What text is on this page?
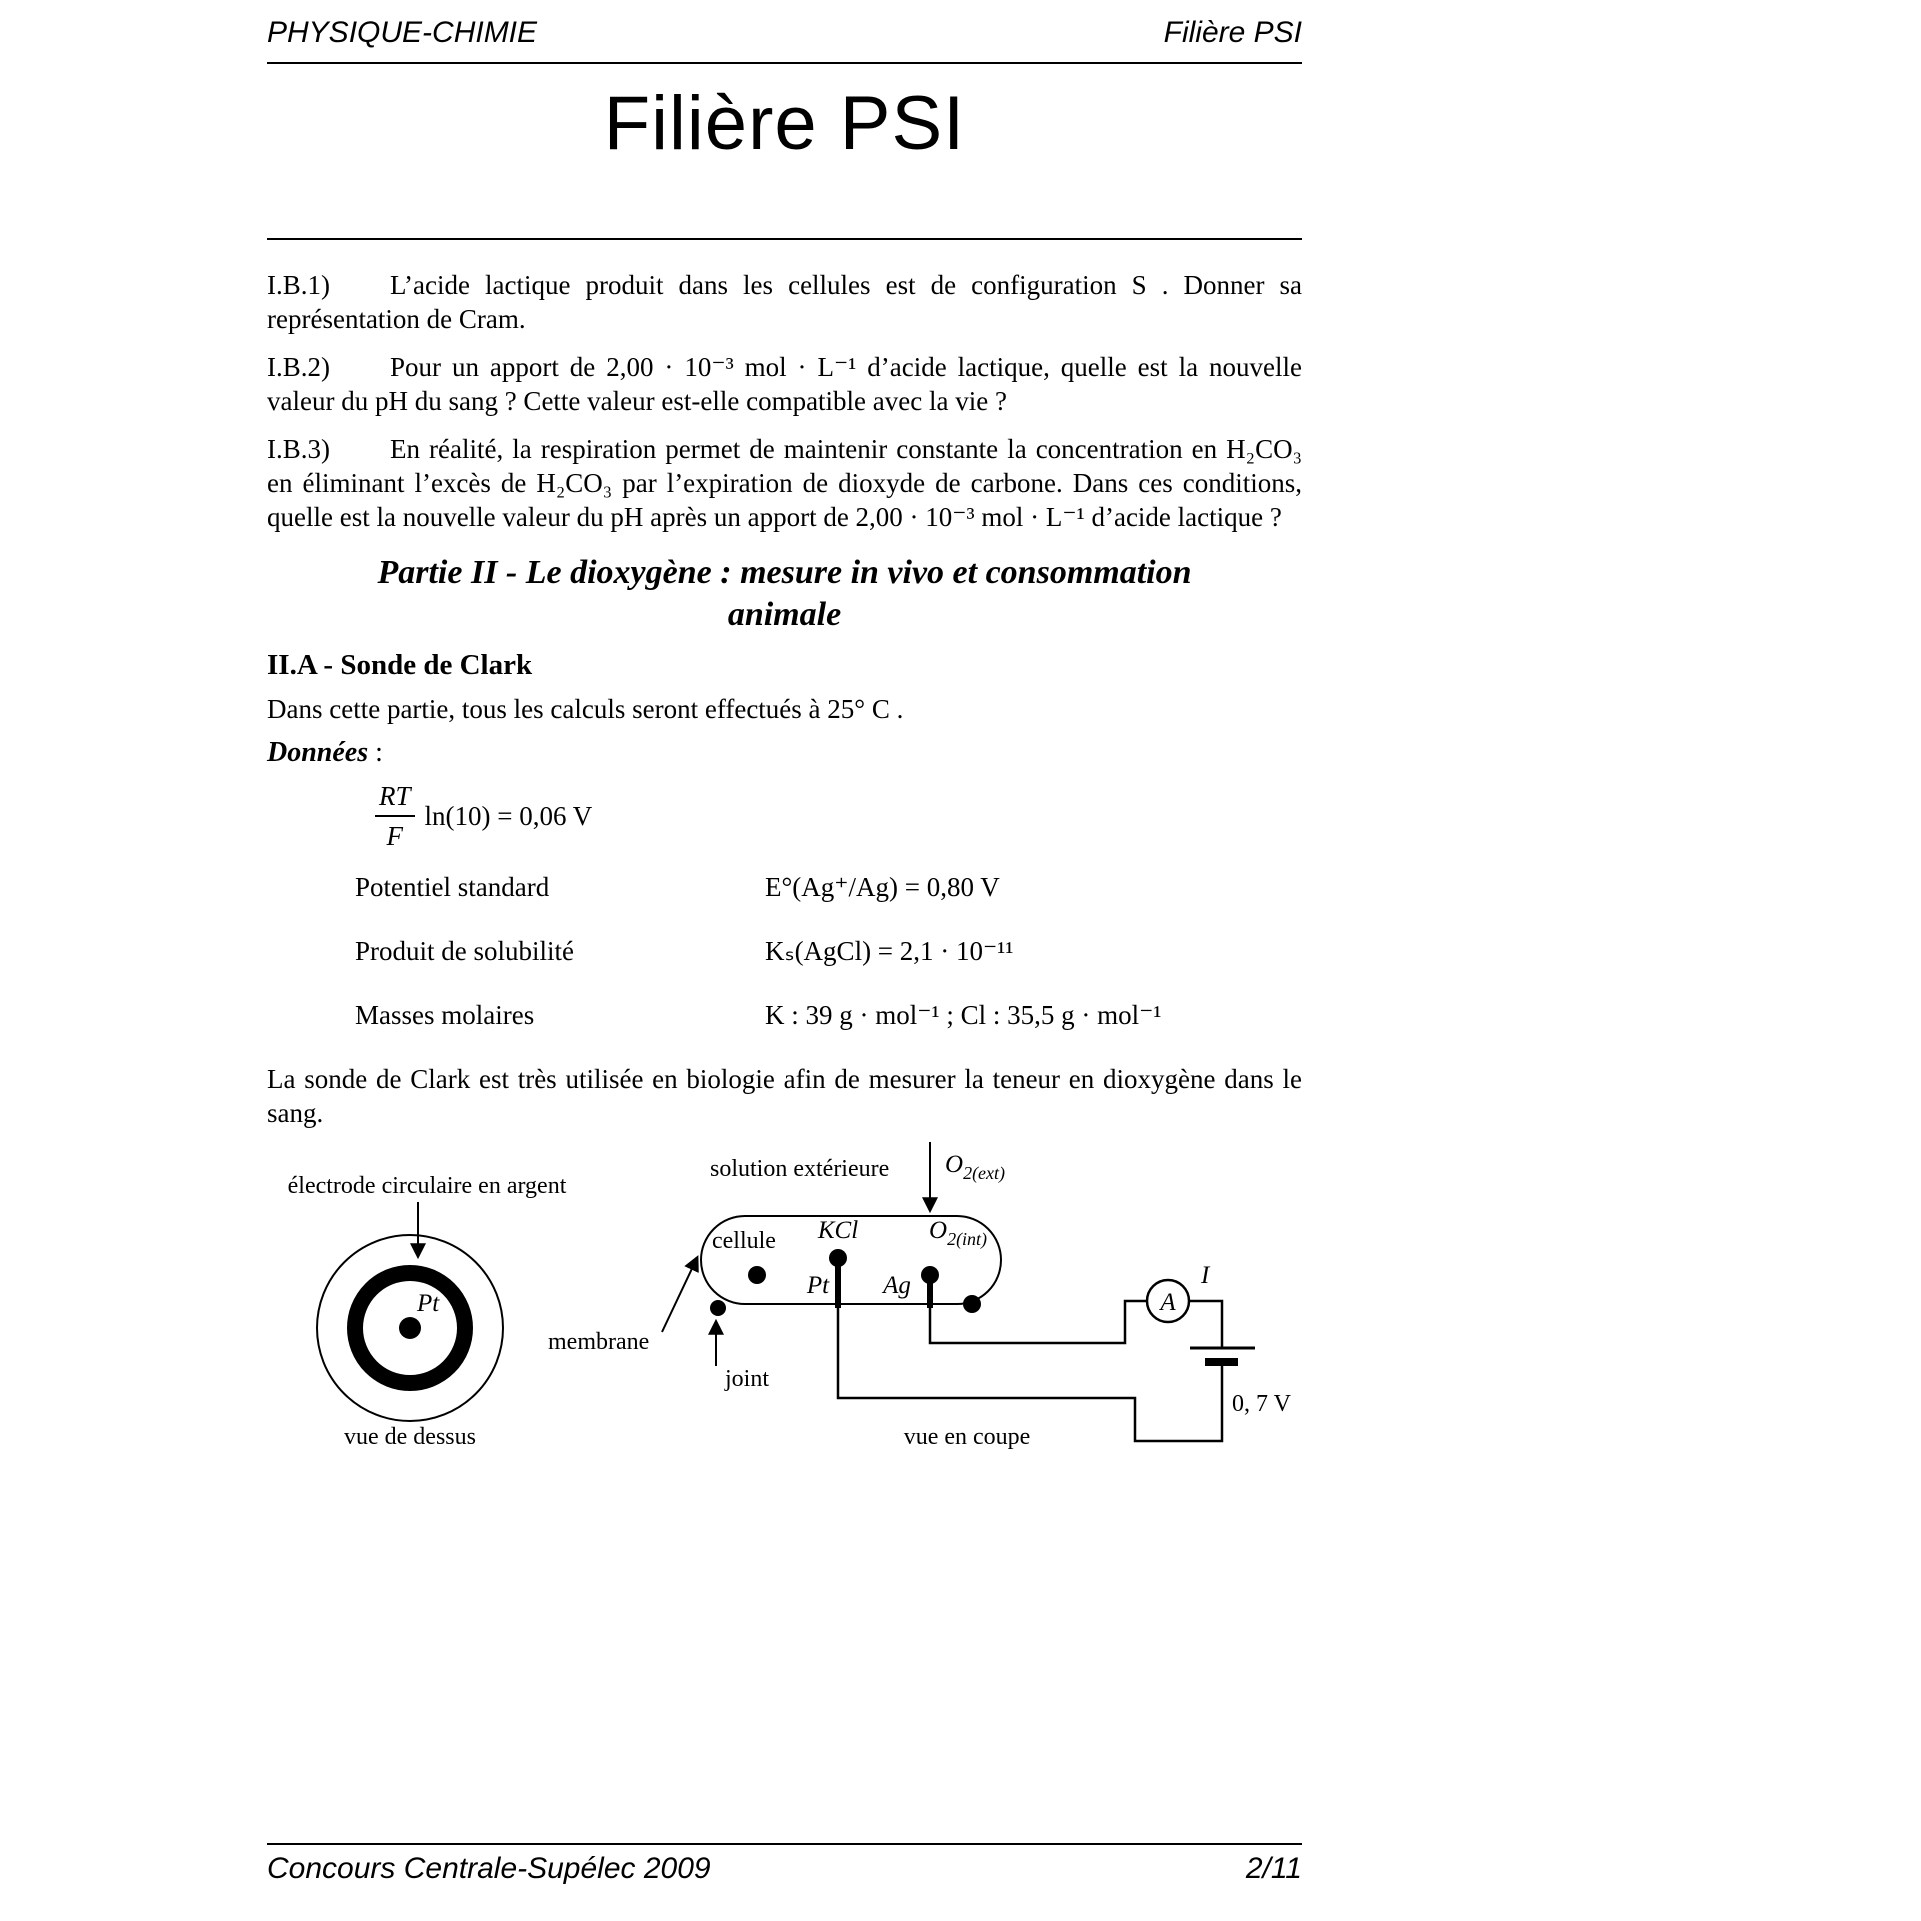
PHYSIQUE-CHIMIE	Filière PSI
Filière PSI

I.B.1) L’acide lactique produit dans les cellules est de configuration S . Donner sa représentation de Cram.

I.B.2) Pour un apport de 2,00 · 10⁻³ mol · L⁻¹ d’acide lactique, quelle est la nouvelle valeur du pH du sang ? Cette valeur est-elle compatible avec la vie ?

I.B.3) En réalité, la respiration permet de maintenir constante la concentration en H₂CO₃ en éliminant l’excès de H₂CO₃ par l’expiration de dioxyde de carbone. Dans ces conditions, quelle est la nouvelle valeur du pH après un apport de 2,00 · 10⁻³ mol · L⁻¹ d’acide lactique ?

Partie II - Le dioxygène : mesure in vivo et consommation
animale
II.A - Sonde de Clark
Dans cette partie, tous les calculs seront effectués à 25° C .
Données :
$\frac{RT}{F} \ln(10) = 0,06$ V
Potentiel standard	E°(Ag⁺/Ag) = 0,80 V
Produit de solubilité	Kₛ(AgCl) = 2,1 · 10⁻¹¹
Masses molaires	K : 39 g · mol⁻¹ ; Cl : 35,5 g · mol⁻¹

La sonde de Clark est très utilisée en biologie afin de mesurer la teneur en dioxygène dans le sang.

électrode circulaire en argent
Pt
vue de dessus
solution extérieure $O_{2(ext)}$
cellule KCl	$O_{2(int)}$
Pt Ag
A
I
0, 7 V
membrane
joint
vue en coupe
Concours Centrale-Supélec 2009	2/11
